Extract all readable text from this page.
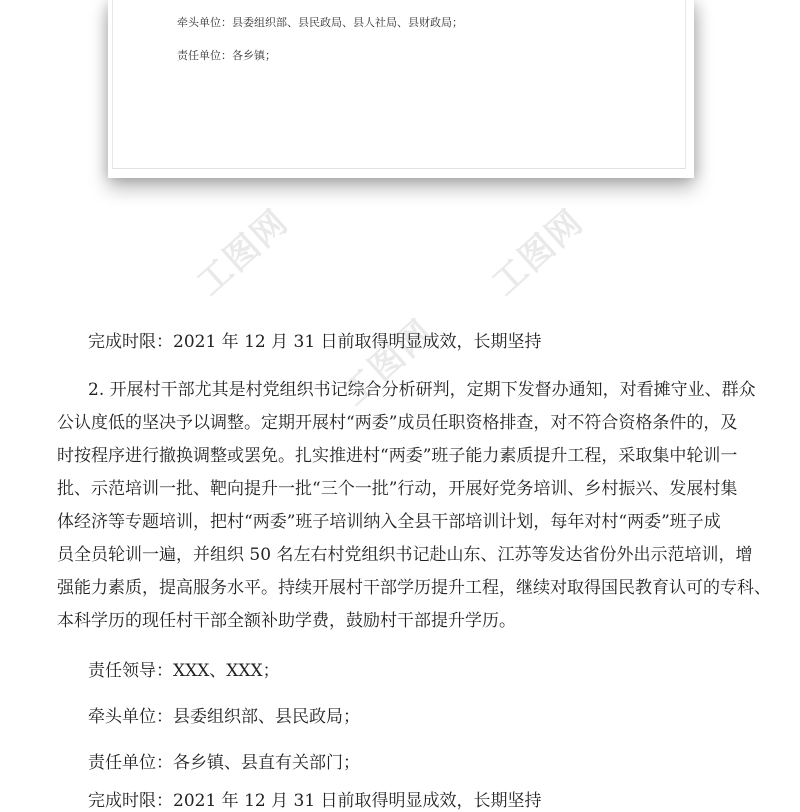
牵头单位：县委组织部、县民政局、县人社局、县财政局；
责任单位：各乡镇；
工图网	工图网
工图网
完成时限：2021 年 12 月 31 日前取得明显成效，长期坚持
2. 开展村干部尤其是村党组织书记综合分析研判，定期下发督办通知，对看摊守业、群众
公认度低的坚决予以调整。定期开展村“两委”成员任职资格排查，对不符合资格条件的，及
时按程序进行撤换调整或罢免。扎实推进村“两委”班子能力素质提升工程，采取集中轮训一
批、示范培训一批、靶向提升一批“三个一批”行动，开展好党务培训、乡村振兴、发展村集
体经济等专题培训，把村“两委”班子培训纳入全县干部培训计划，每年对村“两委”班子成
员全员轮训一遍，并组织 50 名左右村党组织书记赴山东、江苏等发达省份外出示范培训，增
强能力素质，提高服务水平。持续开展村干部学历提升工程，继续对取得国民教育认可的专科、
本科学历的现任村干部全额补助学费，鼓励村干部提升学历。
责任领导：XXX、XXX；
牵头单位：县委组织部、县民政局；
责任单位：各乡镇、县直有关部门；
完成时限：2021 年 12 月 31 日前取得明显成效，长期坚持
